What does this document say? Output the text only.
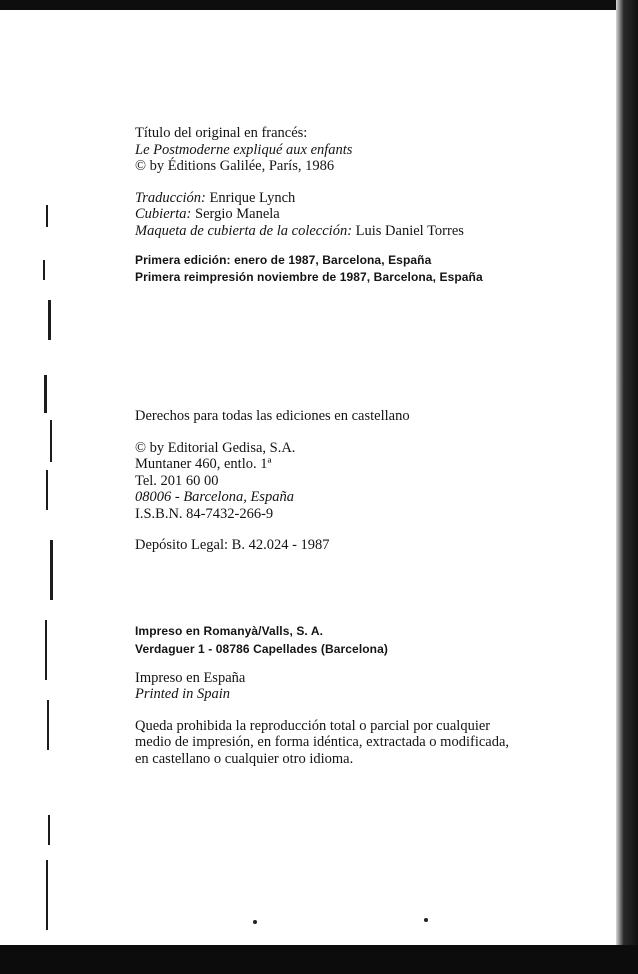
Título del original en francés:

Le Postmoderne expliqué aux enfants

© by Éditions Galilée, París, 1986

Traducción: Enrique Lynch

Cubierta: Sergio Manela

Maqueta de cubierta de la colección: Luis Daniel Torres

Primera edición: enero de 1987, Barcelona, España

Primera reimpresión noviembre de 1987, Barcelona, España

Derechos para todas las ediciones en castellano

© by Editorial Gedisa, S.A.

Muntaner 460, entlo. 1ª

Tel. 201 60 00

08006 - Barcelona, España

I.S.B.N. 84-7432-266-9

Depósito Legal: B. 42.024 - 1987

Impreso en Romanyà/Valls, S. A.

Verdaguer 1 - 08786 Capellades (Barcelona)

Impreso en España

Printed in Spain

Queda prohibida la reproducción total o parcial por cualquier

medio de impresión, en forma idéntica, extractada o modificada,

en castellano o cualquier otro idioma.
